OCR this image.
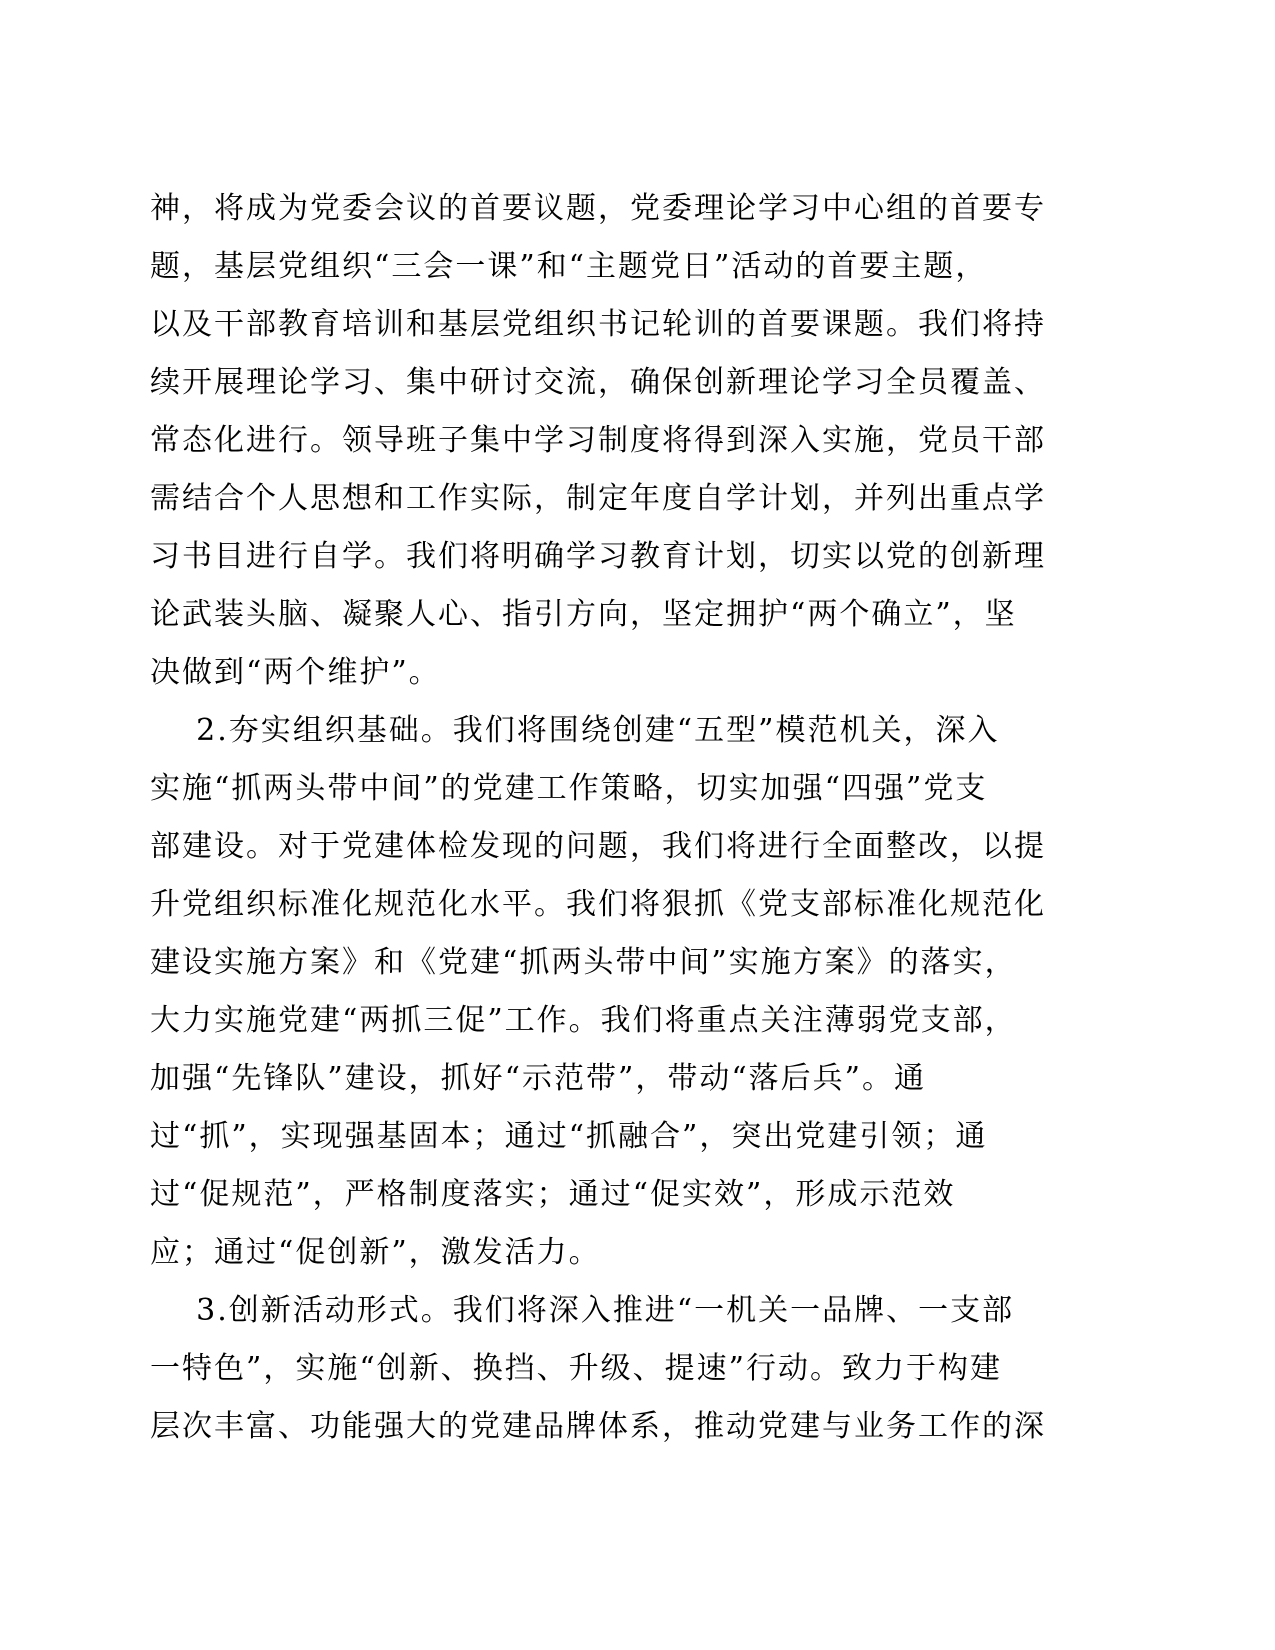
神，将成为党委会议的首要议题，党委理论学习中心组的首要专
题，基层党组织“三会一课”和“主题党日”活动的首要主题，
以及干部教育培训和基层党组织书记轮训的首要课题。我们将持
续开展理论学习、集中研讨交流，确保创新理论学习全员覆盖、
常态化进行。领导班子集中学习制度将得到深入实施，党员干部
需结合个人思想和工作实际，制定年度自学计划，并列出重点学
习书目进行自学。我们将明确学习教育计划，切实以党的创新理
论武装头脑、凝聚人心、指引方向，坚定拥护“两个确立”，坚
决做到“两个维护”。
2.夯实组织基础。我们将围绕创建“五型”模范机关，深入
实施“抓两头带中间”的党建工作策略，切实加强“四强”党支
部建设。对于党建体检发现的问题，我们将进行全面整改，以提
升党组织标准化规范化水平。我们将狠抓《党支部标准化规范化
建设实施方案》和《党建“抓两头带中间”实施方案》的落实，
大力实施党建“两抓三促”工作。我们将重点关注薄弱党支部，
加强“先锋队”建设，抓好“示范带”，带动“落后兵”。通
过“抓”，实现强基固本；通过“抓融合”，突出党建引领；通
过“促规范”，严格制度落实；通过“促实效”，形成示范效
应；通过“促创新”，激发活力。
3.创新活动形式。我们将深入推进“一机关一品牌、一支部
一特色”，实施“创新、换挡、升级、提速”行动。致力于构建
层次丰富、功能强大的党建品牌体系，推动党建与业务工作的深
